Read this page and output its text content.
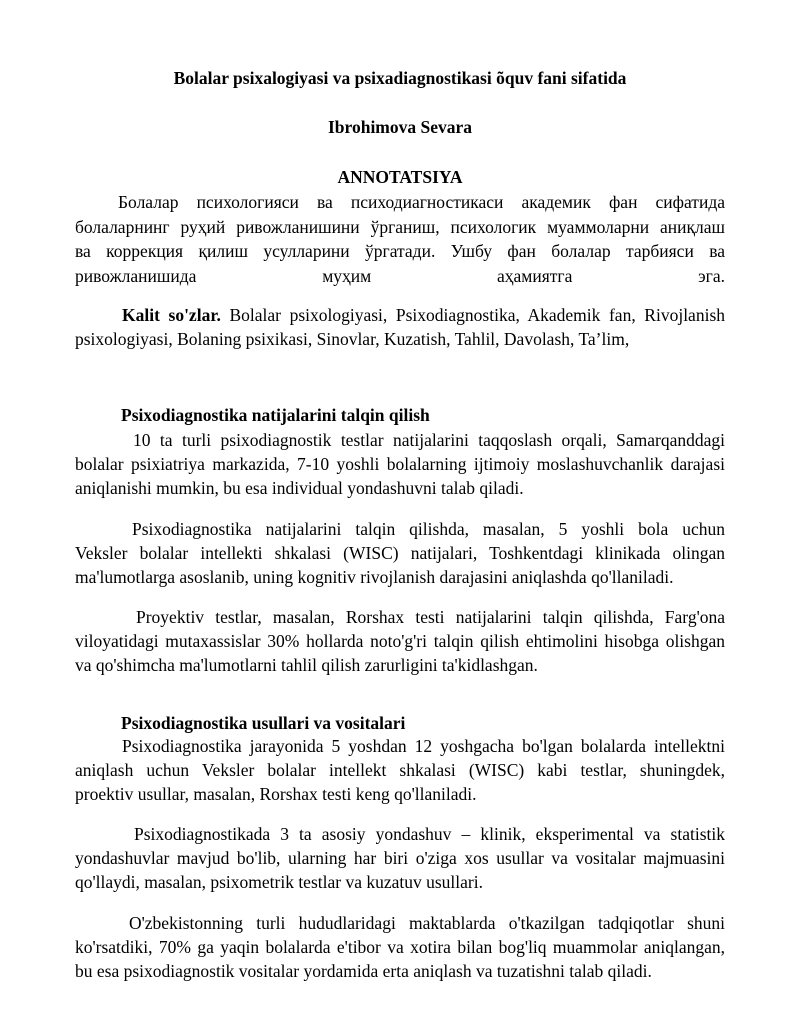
Bolalar psixalogiyasi va psixadiagnostikasi õquv fani sifatida
Ibrohimova Sevara
ANNOTATSIYA
Болалар психологияси ва психодиагностикаси академик фан сифатида
болаларнинг руҳий ривожланишини ўрганиш, психологик муаммоларни аниқлаш
ва коррекция қилиш усулларини ўргатади. Ушбу фан болалар тарбияси ва
ривожланишида муҳим аҳамиятга эга.
Kalit so'zlar. Bolalar psixologiyasi, Psixodiagnostika, Akademik fan, Rivojlanish
psixologiyasi, Bolaning psixikasi, Sinovlar, Kuzatish, Tahlil, Davolash, Ta’lim,
Psixodiagnostika natijalarini talqin qilish
10 ta turli psixodiagnostik testlar natijalarini taqqoslash orqali, Samarqanddagi
bolalar psixiatriya markazida, 7-10 yoshli bolalarning ijtimoiy moslashuvchanlik darajasi
aniqlanishi mumkin, bu esa individual yondashuvni talab qiladi.
Psixodiagnostika natijalarini talqin qilishda, masalan, 5 yoshli bola uchun
Veksler bolalar intellekti shkalasi (WISC) natijalari, Toshkentdagi klinikada olingan
ma'lumotlarga asoslanib, uning kognitiv rivojlanish darajasini aniqlashda qo'llaniladi.
Proyektiv testlar, masalan, Rorshax testi natijalarini talqin qilishda, Farg'ona
viloyatidagi mutaxassislar 30% hollarda noto'g'ri talqin qilish ehtimolini hisobga olishgan
va qo'shimcha ma'lumotlarni tahlil qilish zarurligini ta'kidlashgan.
Psixodiagnostika usullari va vositalari
Psixodiagnostika jarayonida 5 yoshdan 12 yoshgacha bo'lgan bolalarda intellektni
aniqlash uchun Veksler bolalar intellekt shkalasi (WISC) kabi testlar, shuningdek,
proektiv usullar, masalan, Rorshax testi keng qo'llaniladi.
Psixodiagnostikada 3 ta asosiy yondashuv – klinik, eksperimental va statistik
yondashuvlar mavjud bo'lib, ularning har biri o'ziga xos usullar va vositalar majmuasini
qo'llaydi, masalan, psixometrik testlar va kuzatuv usullari.
O'zbekistonning turli hududlaridagi maktablarda o'tkazilgan tadqiqotlar shuni
ko'rsatdiki, 70% ga yaqin bolalarda e'tibor va xotira bilan bog'liq muammolar aniqlangan,
bu esa psixodiagnostik vositalar yordamida erta aniqlash va tuzatishni talab qiladi.
